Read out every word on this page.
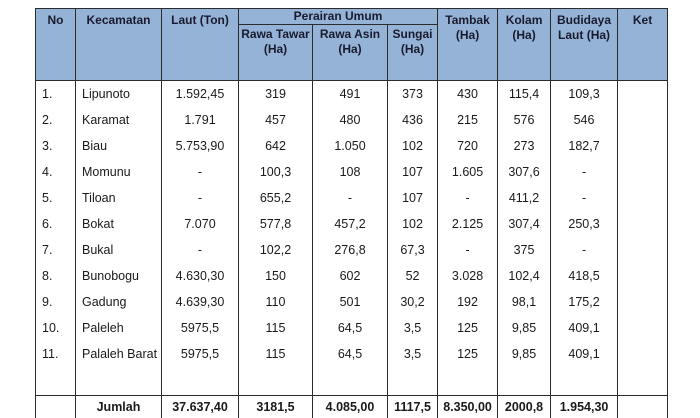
No	Kecamatan	Laut (Ton)	Perairan Umum			Tambak (Ha)	Kolam (Ha)	Budidaya Laut (Ha)	Ket
			Rawa Tawar (Ha)	Rawa Asin (Ha)	Sungai (Ha)				
1.	Lipunoto	1.592,45	319	491	373	430	115,4	109,3	
2.	Karamat	1.791	457	480	436	215	576	546	
3.	Biau	5.753,90	642	1.050	102	720	273	182,7	
4.	Momunu	-	100,3	108	107	1.605	307,6	-	
5.	Tiloan	-	655,2	-	107	-	411,2	-	
6.	Bokat	7.070	577,8	457,2	102	2.125	307,4	250,3	
7.	Bukal	-	102,2	276,8	67,3	-	375	-	
8.	Bunobogu	4.630,30	150	602	52	3.028	102,4	418,5	
9.	Gadung	4.639,30	110	501	30,2	192	98,1	175,2	
10.	Paleleh	5975,5	115	64,5	3,5	125	9,85	409,1	
11.	Palaleh Barat	5975,5	115	64,5	3,5	125	9,85	409,1	

	Jumlah	37.637,40	3181,5	4.085,00	1117,5	8.350,00	2000,8	1.954,30	
